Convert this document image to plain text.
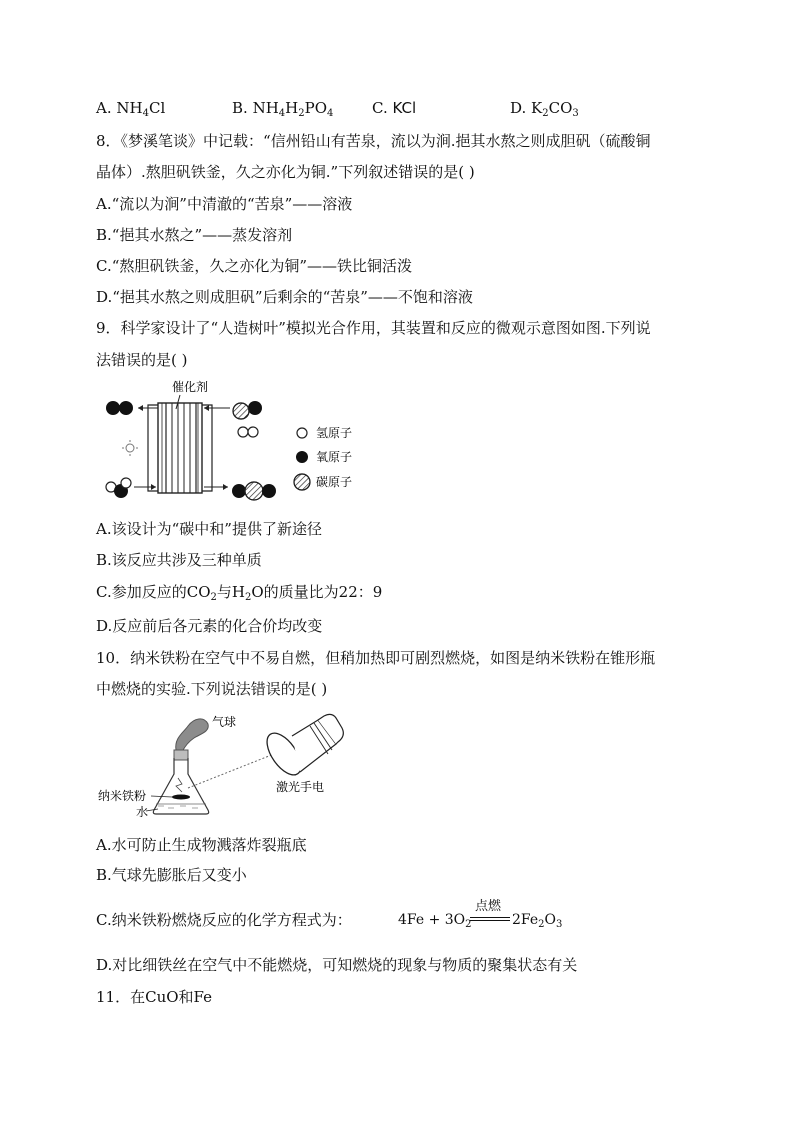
A. $NH_4Cl$	B. $NH_4H_2PO_4$	C. KCl	D. $K_2CO_3$
8．《梦溪笔谈》中记载：“信州铅山有苦泉，流以为涧.挹其水熬之则成胆矾（硫酸铜
晶体）.熬胆矾铁釜，久之亦化为铜.”下列叙述错误的是( )
A.“流以为涧”中清澈的“苦泉”——溶液
B.“挹其水熬之”——蒸发溶剂
C.“熬胆矾铁釜，久之亦化为铜”——铁比铜活泼
D.“挹其水熬之则成胆矾”后剩余的“苦泉”——不饱和溶液
9．科学家设计了“人造树叶”模拟光合作用，其装置和反应的微观示意图如图.下列说
法错误的是( )
催化剂
氢原子
氧原子
碳原子
A.该设计为“碳中和”提供了新途径
B.该反应共涉及三种单质
C.参加反应的$CO_2$与$H_2O$的质量比为22：9
D.反应前后各元素的化合价均改变
10．纳米铁粉在空气中不易自燃，但稍加热即可剧烈燃烧，如图是纳米铁粉在锥形瓶
中燃烧的实验.下列说法错误的是( )
气球
纳米铁粉
水
激光手电
A.水可防止生成物溅落炸裂瓶底
B.气球先膨胀后又变小
C.纳米铁粉燃烧反应的化学方程式为：	$4Fe + 3O_2$
点燃
$2Fe_2O_3$
D.对比细铁丝在空气中不能燃烧，可知燃烧的现象与物质的聚集状态有关
11．在CuO和Fe
